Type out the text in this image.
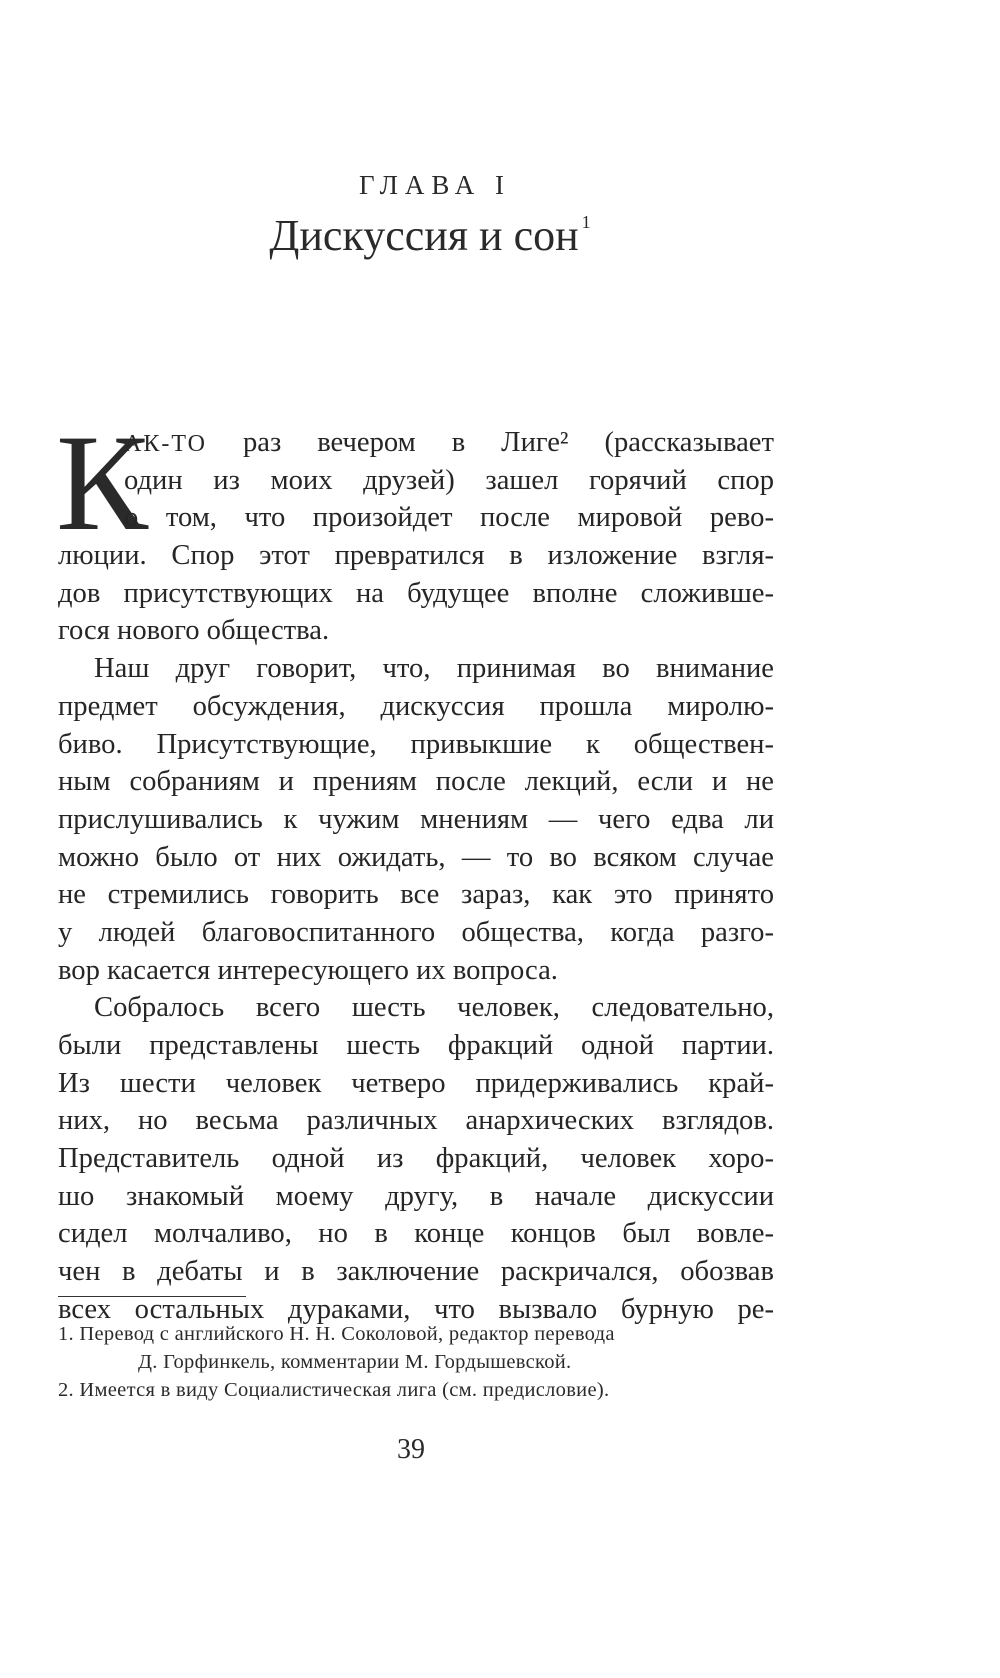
ГЛАВА I
Дискуссия и сон $^1$
К
АК-ТО раз вечером в Лиге² (рассказывает
один из моих друзей) зашел горячий спор
о том, что произойдет после мировой рево-
люции. Спор этот превратился в изложение взгля-
дов присутствующих на будущее вполне сложивше-
гося нового общества.
Наш друг говорит, что, принимая во внимание
предмет обсуждения, дискуссия прошла миролю-
биво. Присутствующие, привыкшие к обществен-
ным собраниям и прениям после лекций, если и не
прислушивались к чужим мнениям — чего едва ли
можно было от них ожидать, — то во всяком случае
не стремились говорить все зараз, как это принято
у людей благовоспитанного общества, когда разго-
вор касается интересующего их вопроса.
Собралось всего шесть человек, следовательно,
были представлены шесть фракций одной партии.
Из шести человек четверо придерживались край-
них, но весьма различных анархических взглядов.
Представитель одной из фракций, человек хоро-
шо знакомый моему другу, в начале дискуссии
сидел молчаливо, но в конце концов был вовле-
чен в дебаты и в заключение раскричался, обозвав
всех остальных дураками, что вызвало бурную ре-
1. Перевод с английского Н. Н. Соколовой, редактор перевода
Д. Горфинкель, комментарии М. Гордышевской.
2. Имеется в виду Социалистическая лига (см. предисловие).
39
